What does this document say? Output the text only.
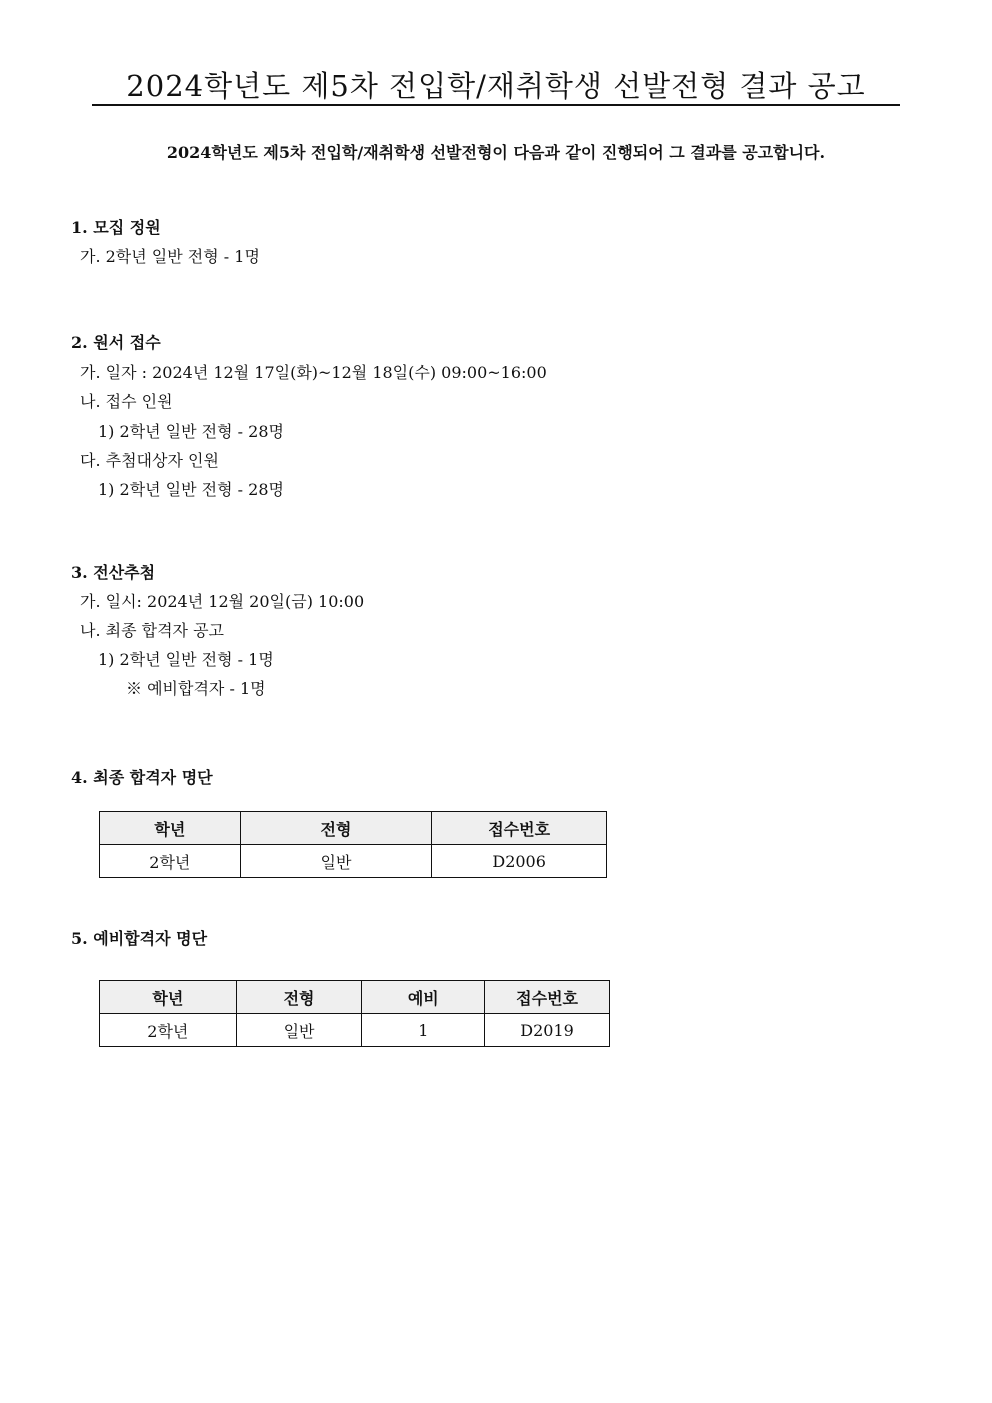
2024학년도 제5차 전입학/재취학생 선발전형 결과 공고
2024학년도 제5차 전입학/재취학생 선발전형이 다음과 같이 진행되어 그 결과를 공고합니다.
1. 모집 정원
가. 2학년 일반 전형 - 1명
2. 원서 접수
가. 일자 : 2024년 12월 17일(화)~12월 18일(수) 09:00~16:00
나. 접수 인원
1) 2학년 일반 전형 - 28명
다. 추첨대상자 인원
1) 2학년 일반 전형 - 28명
3. 전산추첨
가. 일시: 2024년 12월 20일(금) 10:00
나. 최종 합격자 공고
1) 2학년 일반 전형 - 1명
※ 예비합격자 - 1명
4. 최종 합격자 명단
학년	전형	접수번호
2학년	일반	D2006
5. 예비합격자 명단
학년	전형	예비	접수번호
2학년	일반	1	D2019
